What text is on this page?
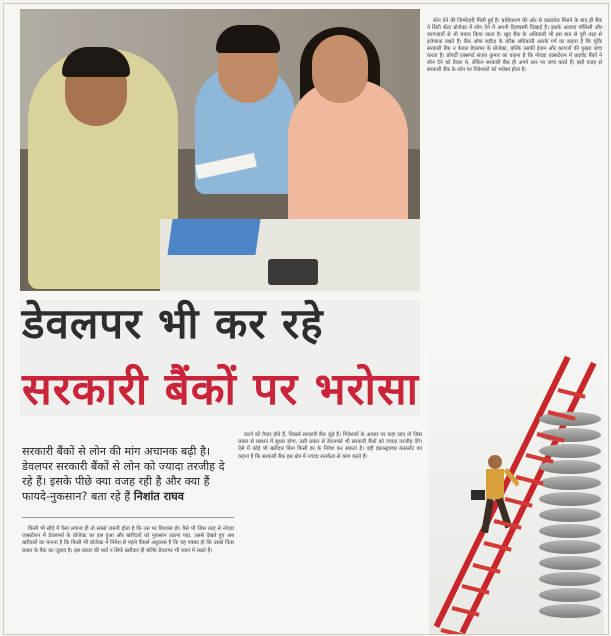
लोन देने की जिम्मेदारी मिली हुई है। प्राधिकरण की ओर से दस्तावेज मिलने के बाद ही बैंक ने सिटी सेंटर प्रोजेक्ट में लोन देने में अपनी दिलचस्पी दिखाई है। इसके अलावा पॉलिसी और कागजातों से भी बचाव किया जाता है। खुद बैंक के अधिकारी भी इस बात से पूरी तरह से इत्तेफाक रखते हैं। बैंक ऑफ बड़ौदा के वरिष्ठ अधिकारी आरके गर्ग का कहना है कि चूंकि सरकारी बैंक न केवल डेवलपर के प्रोजेक्ट, बल्कि उसकी इंजन और कागजों की पुख्ता जांच करता है। प्रॉपर्टी एक्सपर्ट संजय कुमार का कहना है कि नोएडा एक्सटेंशन में प्राइवेट बैंकों ने लोन देने को तैयार थे, लेकिन सरकारी बैंक ही अपने स्तर पर जांच करते हैं। इसी वजह से सरकारी बैंक के लोन पर निवेशकों को भरोसा होता है।

डेवलपर भी कर रहे
सरकारी बैंकों पर भरोसा
सरकारी बैंकों से लोन की मांग अचानक बढ़ी है। डेवलपर सरकारी बैंकों से लोन को ज्यादा तरजीह दे रहे हैं। इसके पीछे क्या वजह रही है और क्या हैं फायदे-नुकसान? बता रहे हैं निशांत राघव

किसी भी सौदे में पैसा लगाना ही तो सबसे जरूरी होता है कि उस पर विश्वास हो। वैसे भी जिस तरह से नोएडा एक्सटेंशन में डेवलपर्स के प्रोजेक्ट का हश्र हुआ और खरीदारों को नुकसान उठाना पड़ा, उससे देखते हुए अब खरीदारों का मानना है कि किसी भी प्रोजेक्ट में निवेश से पहले बैंकर्स अप्रूवल्स है कि यह पक्का हो कि उससे किस प्रकार के बैंक का जुड़ाव है। इस प्रकार की बातें न सिर्फ खरीदार ही बल्कि डेवलपर भी ध्यान में रखते हैं।

करने को तैयार होते हैं, जिससे सरकारी बैंक जुड़े हैं। निवेशकों के आधार पर कहा जाए तो जिस प्रकार से प्रबंधन में सुधार होगा, उसी प्रकार से डेवलपर्स भी सरकारी बैंकों को ज्यादा तरजीह देंगे। ऐसे में कोई भी खरीदार बिना किसी डर के निवेश कर सकता है। वहीं इंफ्रास्ट्रक्चर कंसल्टेंट का कहना है कि सरकारी बैंक इस क्षेत्र में ज्यादा सतर्कता से काम करते हैं।
